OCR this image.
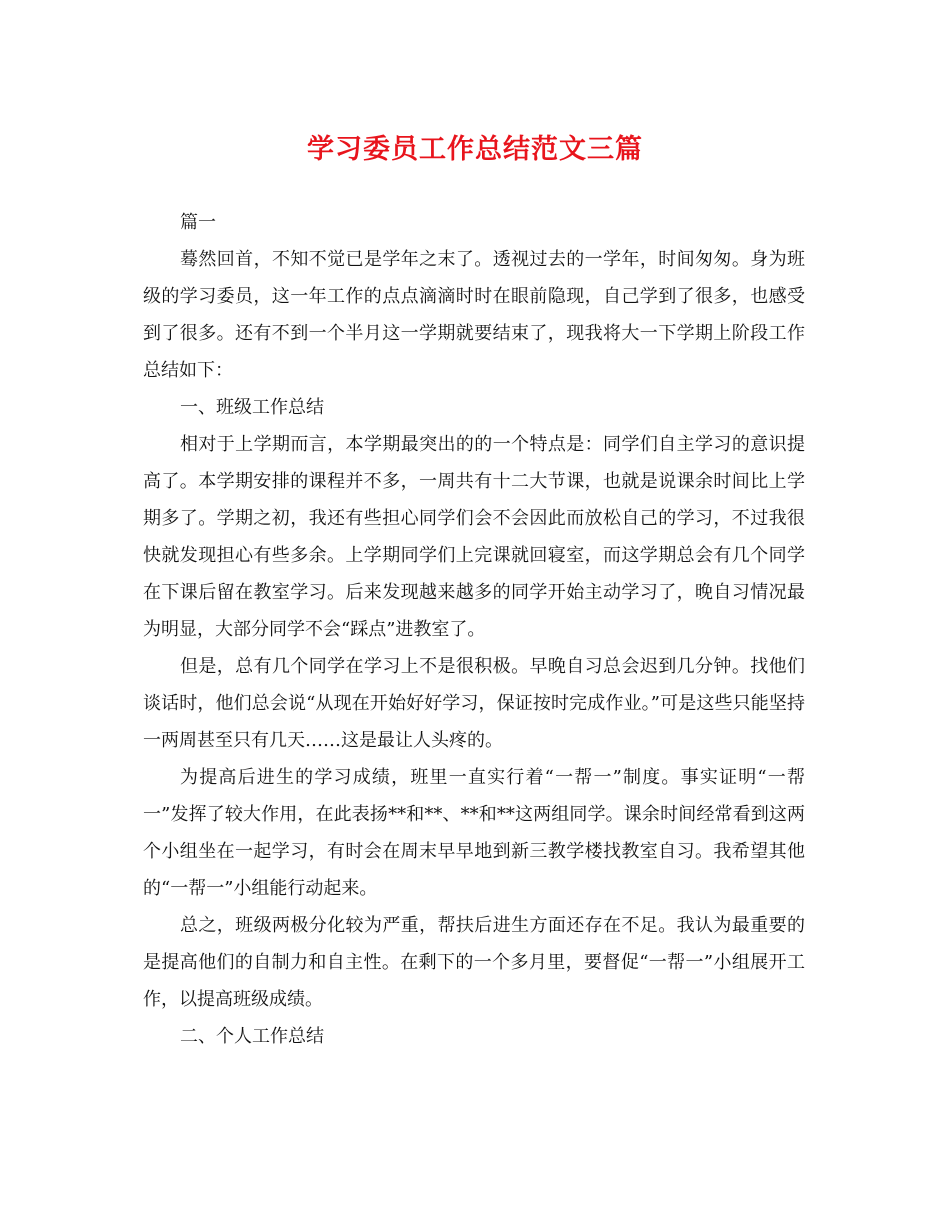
学习委员工作总结范文三篇

篇一

蓦然回首，不知不觉已是学年之末了。透视过去的一学年，时间匆匆。身为班级的学习委员，这一年工作的点点滴滴时时在眼前隐现，自己学到了很多，也感受到了很多。还有不到一个半月这一学期就要结束了，现我将大一下学期上阶段工作总结如下：

一、班级工作总结

相对于上学期而言，本学期最突出的的一个特点是：同学们自主学习的意识提高了。本学期安排的课程并不多，一周共有十二大节课，也就是说课余时间比上学期多了。学期之初，我还有些担心同学们会不会因此而放松自己的学习，不过我很快就发现担心有些多余。上学期同学们上完课就回寝室，而这学期总会有几个同学在下课后留在教室学习。后来发现越来越多的同学开始主动学习了，晚自习情况最为明显，大部分同学不会“踩点”进教室了。

但是，总有几个同学在学习上不是很积极。早晚自习总会迟到几分钟。找他们谈话时，他们总会说“从现在开始好好学习，保证按时完成作业。”可是这些只能坚持一两周甚至只有几天……这是最让人头疼的。

为提高后进生的学习成绩，班里一直实行着“一帮一”制度。事实证明“一帮一”发挥了较大作用，在此表扬**和**、**和**这两组同学。课余时间经常看到这两个小组坐在一起学习，有时会在周末早早地到新三教学楼找教室自习。我希望其他的“一帮一”小组能行动起来。

总之，班级两极分化较为严重，帮扶后进生方面还存在不足。我认为最重要的是提高他们的自制力和自主性。在剩下的一个多月里，要督促“一帮一”小组展开工作，以提高班级成绩。

二、个人工作总结
